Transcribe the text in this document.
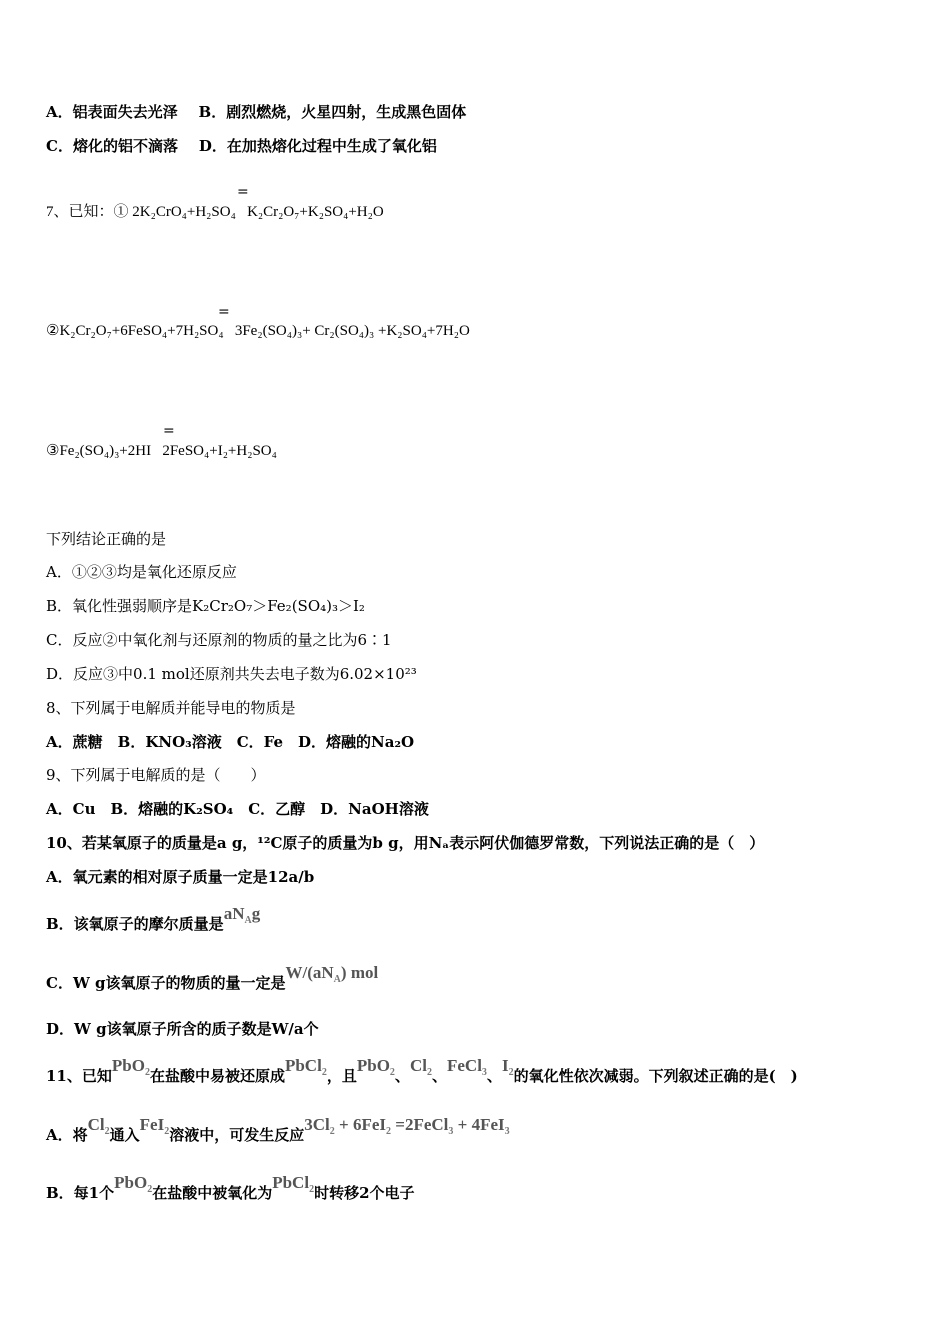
A．铝表面失去光泽 B．剧烈燃烧，火星四射，生成黑色固体
C．熔化的铝不滴落 D．在加热熔化过程中生成了氧化铝
7、已知：① 2K₂CrO₄+H₂SO₄ K₂Cr₂O₇+K₂SO₄+H₂O
=
②K₂Cr₂O₇+6FeSO₄+7H₂SO₄ 3Fe₂(SO₄)₃+ Cr₂(SO₄)₃ +K₂SO₄+7H₂O
=
③Fe₂(SO₄)₃+2HI 2FeSO₄+I₂+H₂SO₄
=
下列结论正确的是
A．①②③均是氧化还原反应
B．氧化性强弱顺序是K₂Cr₂O₇＞Fe₂(SO₄)₃＞I₂
C．反应②中氧化剂与还原剂的物质的量之比为6∶1
D．反应③中0.1 mol还原剂共失去电子数为6.02×10²³
8、下列属于电解质并能导电的物质是
A．蔗糖　B．KNO₃溶液　C．Fe　D．熔融的Na₂O
9、下列属于电解质的是（　　）
A．Cu　B．熔融的K₂SO₄　C．乙醇　D．NaOH溶液
10、若某氧原子的质量是a g，¹²C原子的质量为b g，用Nₐ表示阿伏伽德罗常数，下列说法正确的是（　）
A．氧元素的相对原子质量一定是12a/b
B．该氧原子的摩尔质量是$aN_Ag$
C．W g该氧原子的物质的量一定是$W/(aN_A)$ mol
D．W g该氧原子所含的质子数是W/a个
11、已知PbO$_2$在盐酸中易被还原成PbCl$_2$，且PbO$_2$、$Cl_2$、FeCl$_3$、$I_2$的氧化性依次减弱。下列叙述正确的是(　)
A．将$Cl_2$通入FeI$_2$溶液中，可发生反应$3Cl_2 + 6FeI_2$ =2FeCl$_3$ + 4FeI$_3$
B．每1个PbO$_2$在盐酸中被氧化为PbCl$_2$时转移2个电子
